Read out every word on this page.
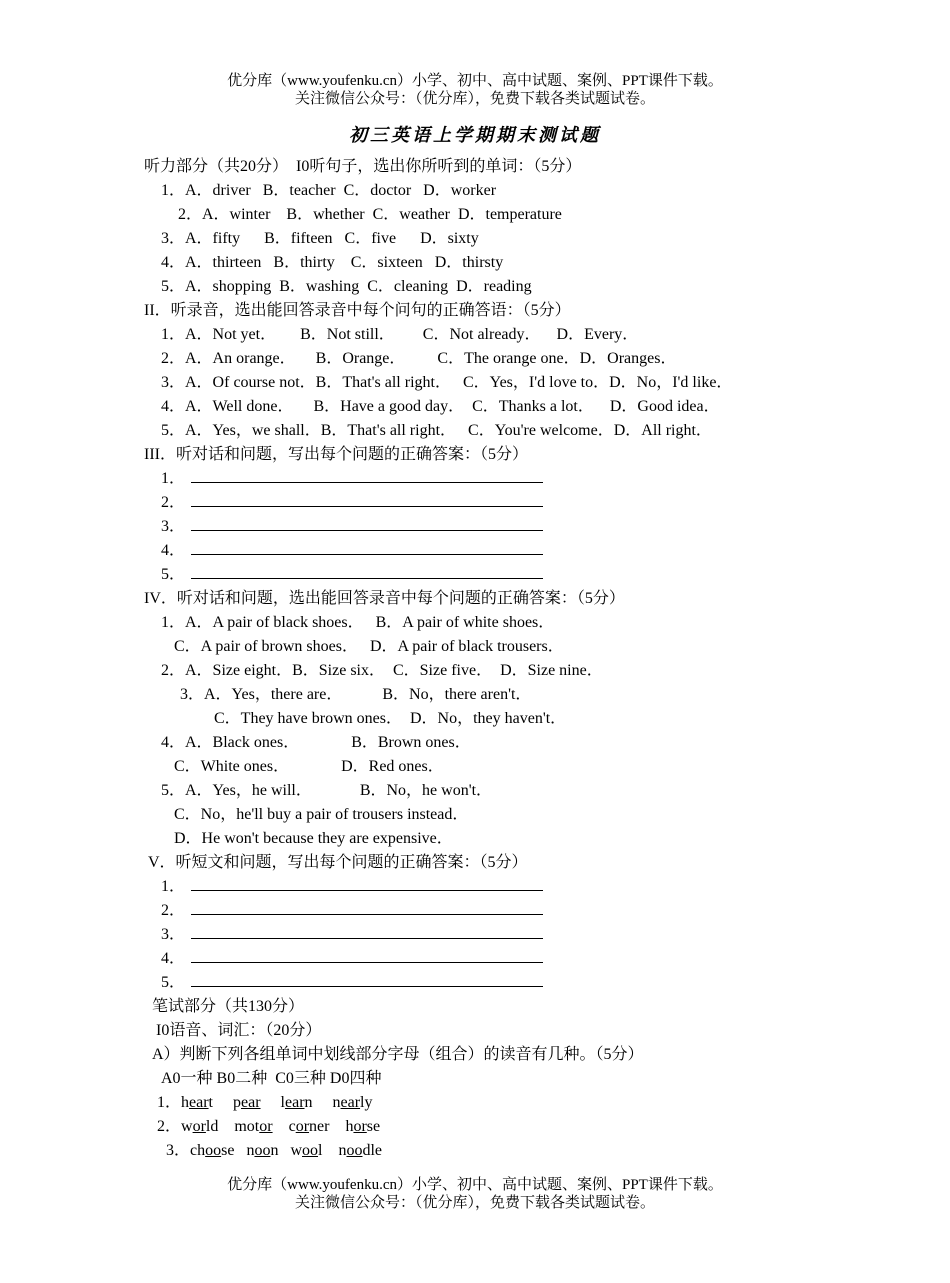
优分库（www.youfenku.cn）小学、初中、高中试题、案例、PPT课件下载。
关注微信公众号：（优分库），免费下载各类试题试卷。
初三英语上学期期末测试题
听力部分（共20分） I0听句子，选出你所听到的单词：（5分）
1．A．driver   B．teacher  C．doctor   D．worker
2．A．winter    B．whether  C．weather  D．temperature
3．A．fifty      B．fifteen   C．five      D．sixty
4．A．thirteen   B．thirty    C．sixteen   D．thirsty
5．A．shopping  B．washing  C．cleaning  D．reading
II．听录音，选出能回答录音中每个问句的正确答语：（5分）
1．A．Not yet．      B．Not still．       C．Not already．    D．Every．
2．A．An orange．     B．Orange．        C．The orange one．D．Oranges．
3．A．Of course not．B．That's all right．   C．Yes，I'd love to．D．No，I'd like．
4．A．Well done．     B．Have a good day．  C．Thanks a lot．    D．Good idea．
5．A．Yes，we shall．B．That's all right．   C．You're welcome．D．All right．
III．听对话和问题，写出每个问题的正确答案：（5分）
1．
2．
3．
4．
5．
IV．听对话和问题，选出能回答录音中每个问题的正确答案：（5分）
1．A．A pair of black shoes．   B．A pair of white shoes．
C．A pair of brown shoes．   D．A pair of black trousers．
2．A．Size eight．B．Size six．  C．Size five．  D．Size nine．
3．A．Yes，there are．          B．No，there aren't．
C．They have brown ones．  D．No，they haven't．
4．A．Black ones．             B．Brown ones．
C．White ones．             D．Red ones．
5．A．Yes，he will．            B．No，he won't．
C．No，he'll buy a pair of trousers instead．
D．He won't because they are expensive．
V．听短文和问题，写出每个问题的正确答案：（5分）
1．
2．
3．
4．
5．
笔试部分（共130分）
I0语音、词汇：（20分）
A）判断下列各组单词中划线部分字母（组合）的读音有几种。（5分）
A0一种 B0二种  C0三种 D0四种
1．heart pear learn nearly
2．world motor corner horse
3．choose noon wool noodle
优分库（www.youfenku.cn）小学、初中、高中试题、案例、PPT课件下载。
关注微信公众号：（优分库），免费下载各类试题试卷。
